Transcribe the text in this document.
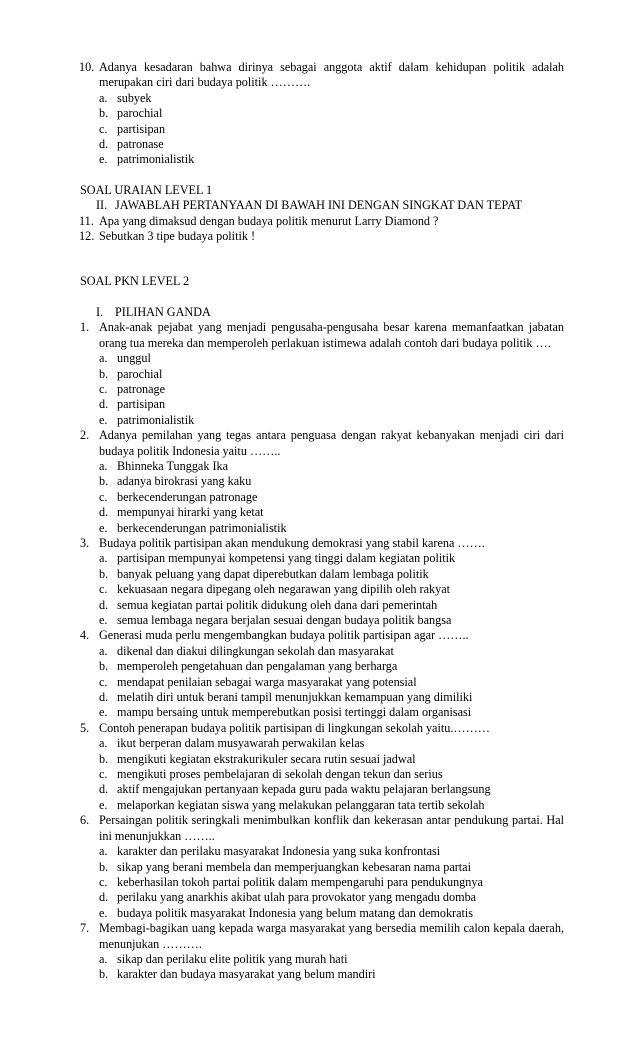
10. Adanya kesadaran bahwa dirinya sebagai anggota aktif dalam kehidupan politik adalah merupakan ciri dari budaya politik ……….
a. subyek
b. parochial
c. partisipan
d. patronase
e. patrimonialistik
SOAL URAIAN LEVEL 1
II. JAWABLAH PERTANYAAN DI BAWAH INI DENGAN SINGKAT DAN TEPAT
11. Apa yang dimaksud dengan budaya politik menurut Larry Diamond ?
12. Sebutkan 3 tipe budaya politik !
SOAL PKN LEVEL 2
I. PILIHAN GANDA
1. Anak-anak pejabat yang menjadi pengusaha-pengusaha besar karena memanfaatkan jabatan orang tua mereka dan memperoleh perlakuan istimewa adalah contoh dari budaya politik ….
a. unggul
b. parochial
c. patronage
d. partisipan
e. patrimonialistik
2. Adanya pemilahan yang tegas antara penguasa dengan rakyat kebanyakan menjadi ciri dari budaya politik Indonesia yaitu ……..
a. Bhinneka Tunggak Ika
b. adanya birokrasi yang kaku
c. berkecenderungan patronage
d. mempunyai hirarki yang ketat
e. berkecenderungan patrimonialistik
3. Budaya politik partisipan akan mendukung demokrasi yang stabil karena …….
a. partisipan mempunyai kompetensi yang tinggi dalam kegiatan politik
b. banyak peluang yang dapat diperebutkan dalam lembaga politik
c. kekuasaan negara dipegang oleh negarawan yang dipilih oleh rakyat
d. semua kegiatan partai politik didukung oleh dana dari pemerintah
e. semua lembaga negara berjalan sesuai dengan budaya politik bangsa
4. Generasi muda perlu mengembangkan budaya politik partisipan agar ……..
a. dikenal dan diakui dilingkungan sekolah dan masyarakat
b. memperoleh pengetahuan dan pengalaman yang berharga
c. mendapat penilaian sebagai warga masyarakat yang potensial
d. melatih diri untuk berani tampil menunjukkan kemampuan yang dimiliki
e. mampu bersaing untuk memperebutkan posisi tertinggi dalam organisasi
5. Contoh penerapan budaya politik partisipan di lingkungan sekolah yaitu.………
a. ikut berperan dalam musyawarah perwakilan kelas
b. mengikuti kegiatan ekstrakurikuler secara rutin sesuai jadwal
c. mengikuti proses pembelajaran di sekolah dengan tekun dan serius
d. aktif mengajukan pertanyaan kepada guru pada waktu pelajaran berlangsung
e. melaporkan kegiatan siswa yang melakukan pelanggaran tata tertib sekolah
6. Persaingan politik seringkali menimbulkan konflik dan kekerasan antar pendukung partai. Hal ini menunjukkan ……..
a. karakter dan perilaku masyarakat Indonesia yang suka konfrontasi
b. sikap yang berani membela dan memperjuangkan kebesaran nama partai
c. keberhasilan tokoh partai politik dalam mempengaruhi para pendukungnya
d. perilaku yang anarkhis akibat ulah para provokator yang mengadu domba
e. budaya politik masyarakat Indonesia yang belum matang dan demokratis
7. Membagi-bagikan uang kepada warga masyarakat yang bersedia memilih calon kepala daerah, menunjukan ……….
a. sikap dan perilaku elite politik yang murah hati
b. karakter dan budaya masyarakat yang belum mandiri
